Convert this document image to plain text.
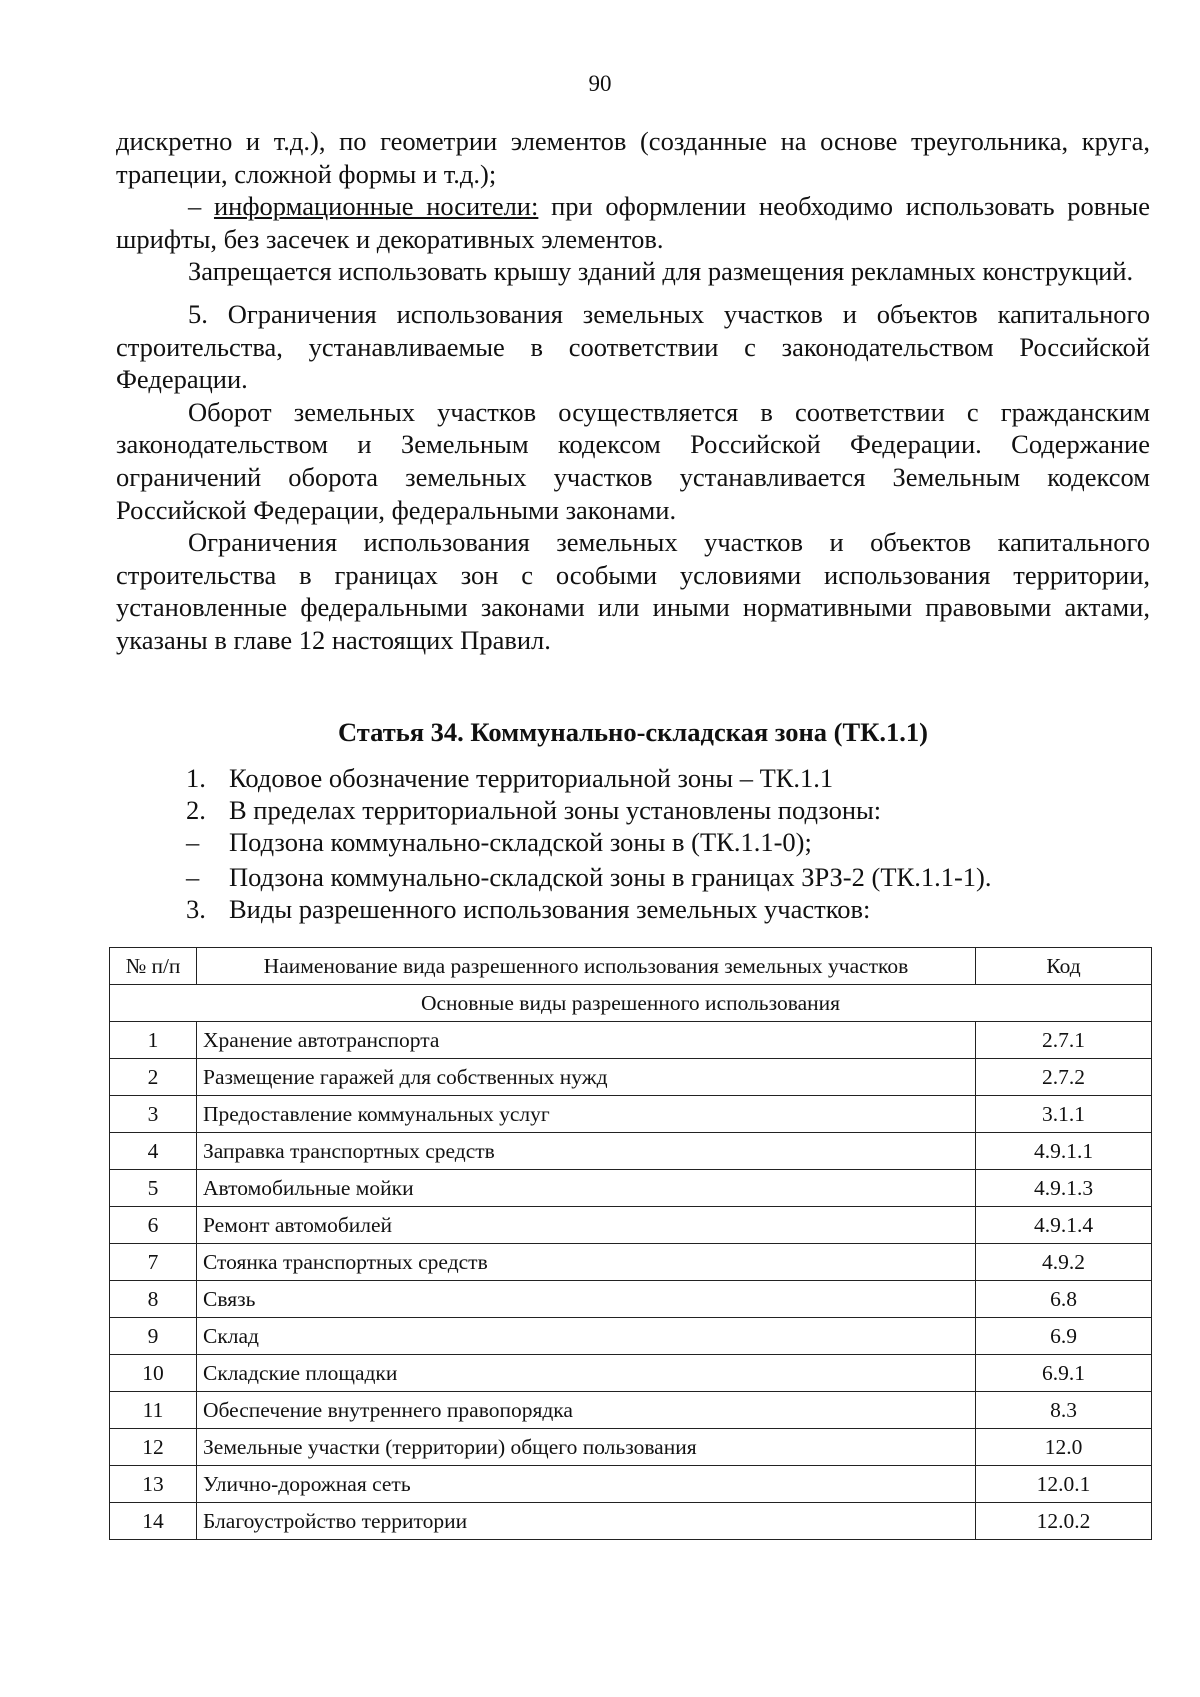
90

дискретно и т.д.), по геометрии элементов (созданные на основе треугольника, круга, трапеции, сложной формы и т.д.);

– информационные носители: при оформлении необходимо использовать ровные шрифты, без засечек и декоративных элементов.

Запрещается использовать крышу зданий для размещения рекламных конструкций.

5. Ограничения использования земельных участков и объектов капитального строительства, устанавливаемые в соответствии с законодательством Российской Федерации.

Оборот земельных участков осуществляется в соответствии с гражданским законодательством и Земельным кодексом Российской Федерации. Содержание ограничений оборота земельных участков устанавливается Земельным кодексом Российской Федерации, федеральными законами.

Ограничения использования земельных участков и объектов капитального строительства в границах зон с особыми условиями использования территории, установленные федеральными законами или иными нормативными правовыми актами, указаны в главе 12 настоящих Правил.

Статья 34. Коммунально-складская зона (ТК.1.1)
1. Кодовое обозначение территориальной зоны – ТК.1.1
2. В пределах территориальной зоны установлены подзоны:
– Подзона коммунально-складской зоны в (ТК.1.1-0);
– Подзона коммунально-складской зоны в границах ЗРЗ-2 (ТК.1.1-1).
3. Виды разрешенного использования земельных участков:
№ п/п	Наименование вида разрешенного использования земельных участков	Код
Основные виды разрешенного использования		
1	Хранение автотранспорта	2.7.1
2	Размещение гаражей для собственных нужд	2.7.2
3	Предоставление коммунальных услуг	3.1.1
4	Заправка транспортных средств	4.9.1.1
5	Автомобильные мойки	4.9.1.3
6	Ремонт автомобилей	4.9.1.4
7	Стоянка транспортных средств	4.9.2
8	Связь	6.8
9	Склад	6.9
10	Складские площадки	6.9.1
11	Обеспечение внутреннего правопорядка	8.3
12	Земельные участки (территории) общего пользования	12.0
13	Улично-дорожная сеть	12.0.1
14	Благоустройство территории	12.0.2
